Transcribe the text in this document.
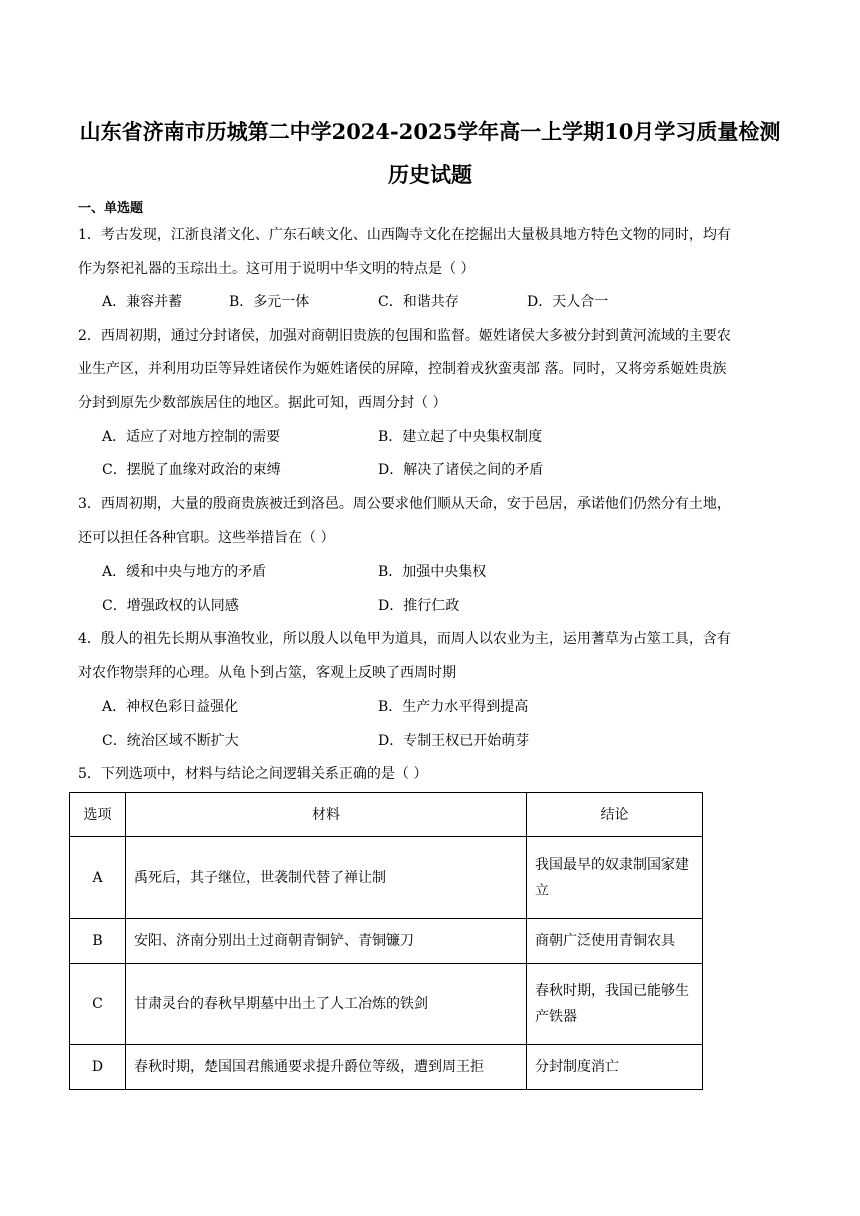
山东省济南市历城第二中学2024-2025学年高一上学期10月学习质量检测
历史试题
一、单选题
1．考古发现，江浙良渚文化、广东石峡文化、山西陶寺文化在挖掘出大量极具地方特色文物的同时，均有
作为祭祀礼器的玉琮出土。这可用于说明中华文明的特点是（ ）
A．兼容并蓄	B．多元一体	C．和谐共存	D．天人合一
2．西周初期，通过分封诸侯，加强对商朝旧贵族的包围和监督。姬姓诸侯大多被分封到黄河流域的主要农
业生产区，并利用功臣等异姓诸侯作为姬姓诸侯的屏障，控制着戎狄蛮夷部 落。同时，又将旁系姬姓贵族
分封到原先少数部族居住的地区。据此可知，西周分封（ ）
A．适应了对地方控制的需要	B．建立起了中央集权制度
C．摆脱了血缘对政治的束缚	D．解决了诸侯之间的矛盾
3．西周初期，大量的殷商贵族被迁到洛邑。周公要求他们顺从天命，安于邑居，承诺他们仍然分有土地，
还可以担任各种官职。这些举措旨在（ ）
A．缓和中央与地方的矛盾	B．加强中央集权
C．增强政权的认同感	D．推行仁政
4．殷人的祖先长期从事渔牧业，所以殷人以龟甲为道具，而周人以农业为主，运用蓍草为占筮工具，含有
对农作物崇拜的心理。从龟卜到占筮，客观上反映了西周时期
A．神权色彩日益强化	B．生产力水平得到提高
C．统治区域不断扩大	D．专制王权已开始萌芽
5．下列选项中，材料与结论之间逻辑关系正确的是（ ）
选项	材料	结论
A	禹死后，其子继位，世袭制代替了禅让制	我国最早的奴隶制国家建立
B	安阳、济南分别出土过商朝青铜铲、青铜镰刀	商朝广泛使用青铜农具
C	甘肃灵台的春秋早期墓中出土了人工冶炼的铁剑	春秋时期，我国已能够生产铁器
D	春秋时期，楚国国君熊通要求提升爵位等级，遭到周王拒	分封制度消亡
